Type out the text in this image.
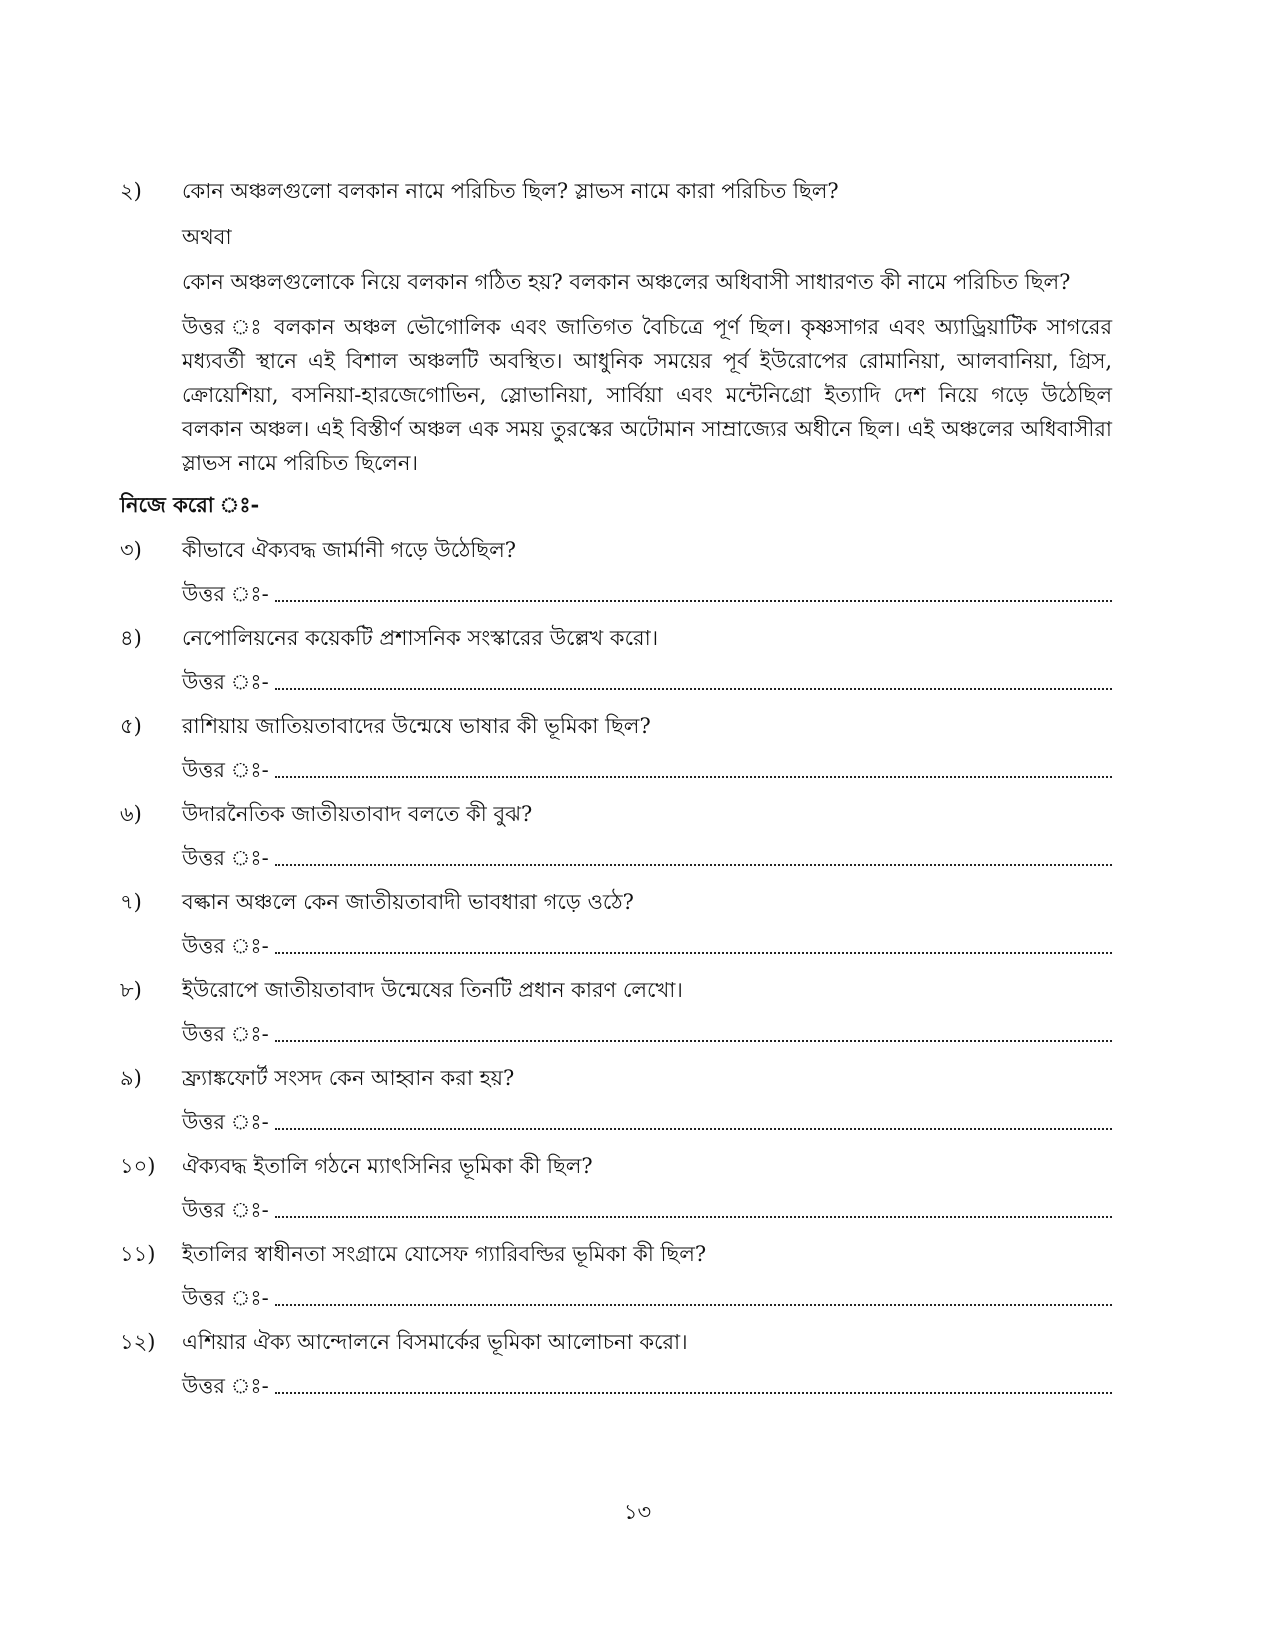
২) কোন অঞ্চলগুলো বলকান নামে পরিচিত ছিল? স্লাভস নামে কারা পরিচিত ছিল?
অথবা
কোন অঞ্চলগুলোকে নিয়ে বলকান গঠিত হয়? বলকান অঞ্চলের অধিবাসী সাধারণত কী নামে পরিচিত ছিল?
উত্তর ঃ বলকান অঞ্চল ভৌগোলিক এবং জাতিগত বৈচিত্রে পূর্ণ ছিল। কৃষ্ণসাগর এবং অ্যাড্রিয়াটিক সাগরের মধ্যবর্তী স্থানে এই বিশাল অঞ্চলটি অবস্থিত। আধুনিক সময়ের পূর্ব ইউরোপের রোমানিয়া, আলবানিয়া, গ্রিস, ক্রোয়েশিয়া, বসনিয়া-হারজেগোভিন, স্লোভানিয়া, সার্বিয়া এবং মন্টেনিগ্রো ইত্যাদি দেশ নিয়ে গড়ে উঠেছিল বলকান অঞ্চল। এই বিস্তীর্ণ অঞ্চল এক সময় তুরস্কের অটোমান সাম্রাজ্যের অধীনে ছিল। এই অঞ্চলের অধিবাসীরা স্লাভস নামে পরিচিত ছিলেন।
নিজে করো ঃ-
৩) কীভাবে ঐক্যবদ্ধ জার্মানী গড়ে উঠেছিল?
উত্তর ঃ-
৪) নেপোলিয়নের কয়েকটি প্রশাসনিক সংস্কারের উল্লেখ করো।
উত্তর ঃ-
৫) রাশিয়ায় জাতিয়তাবাদের উন্মেষে ভাষার কী ভূমিকা ছিল?
উত্তর ঃ-
৬) উদারনৈতিক জাতীয়তাবাদ বলতে কী বুঝ?
উত্তর ঃ-
৭) বল্কান অঞ্চলে কেন জাতীয়তাবাদী ভাবধারা গড়ে ওঠে?
উত্তর ঃ-
৮) ইউরোপে জাতীয়তাবাদ উন্মেষের তিনটি প্রধান কারণ লেখো।
উত্তর ঃ-
৯) ফ্র্যাঙ্কফোর্ট সংসদ কেন আহ্বান করা হয়?
উত্তর ঃ-
১০) ঐক্যবদ্ধ ইতালি গঠনে ম্যাৎসিনির ভূমিকা কী ছিল?
উত্তর ঃ-
১১) ইতালির স্বাধীনতা সংগ্রামে যোসেফ গ্যারিবল্ডির ভূমিকা কী ছিল?
উত্তর ঃ-
১২) এশিয়ার ঐক্য আন্দোলনে বিসমার্কের ভূমিকা আলোচনা করো।
উত্তর ঃ-
১৩
